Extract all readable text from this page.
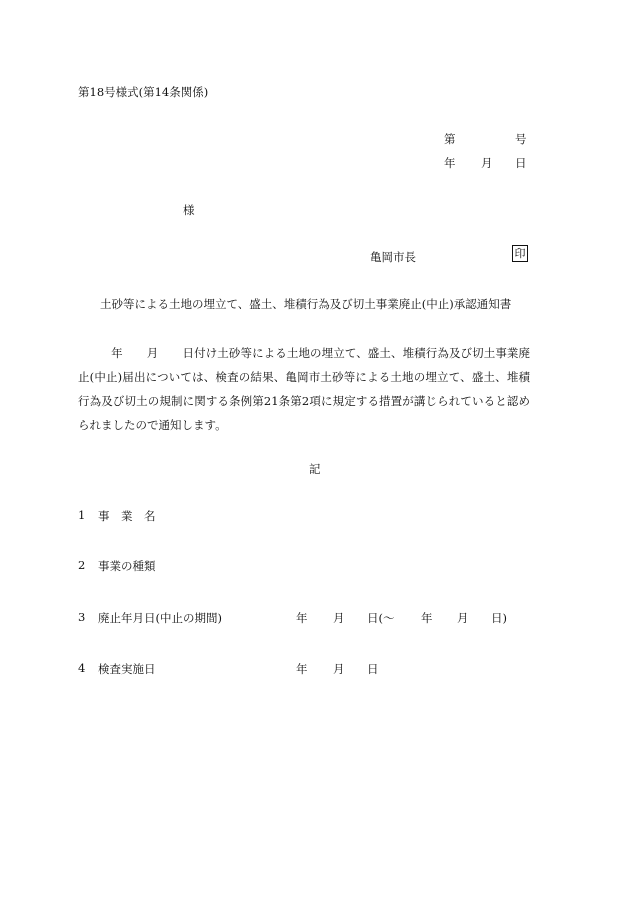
第18号様式(第14条関係)
第	号
年 月 日
様
亀岡市長	印
土砂等による土地の埋立て、盛土、堆積行為及び切土事業廃止(中止)承認通知書
年 月 日付け土砂等による土地の埋立て、盛土、堆積行為及び切土事業廃止(中止)届出については、検査の結果、亀岡市土砂等による土地の埋立て、盛土、堆積行為及び切土の規制に関する条例第21条第2項に規定する措置が講じられていると認められましたので通知します。
記
1 事　業　名
2 事業の種類
3 廃止年月日(中止の期間)	年 月 日(～ 年 月 日)
4 検査実施日	年 月 日
